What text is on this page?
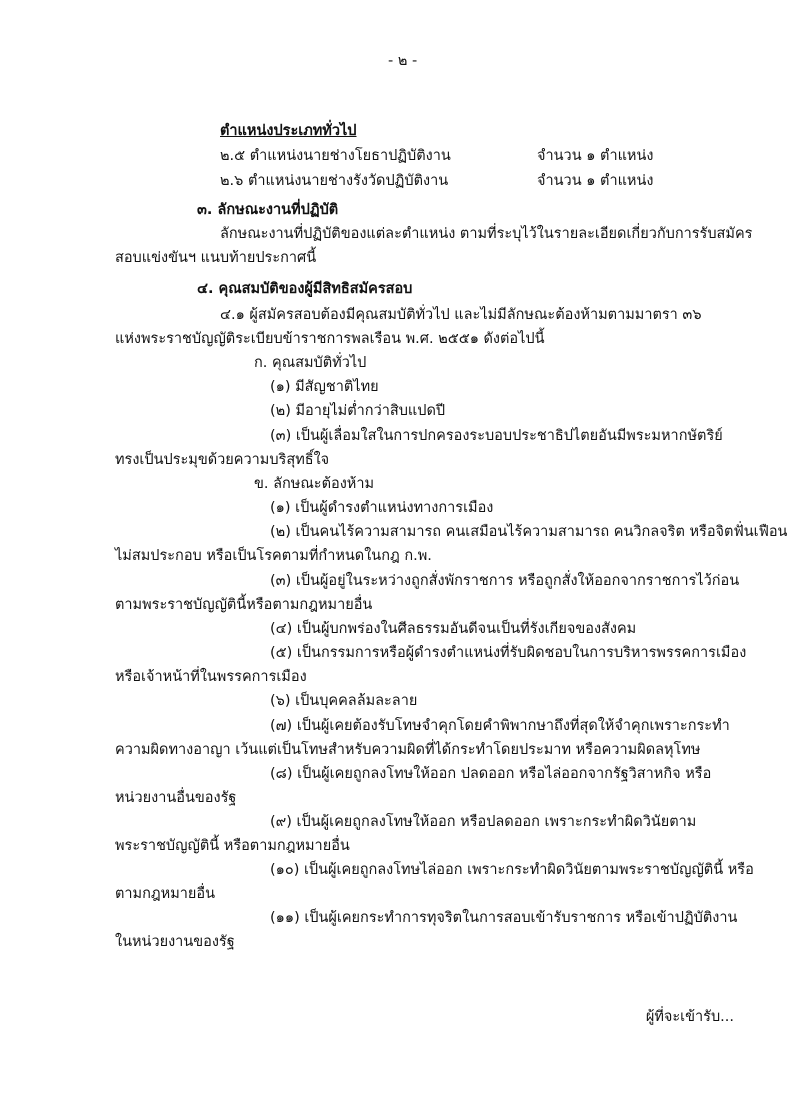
- ๒ -
ตำแหน่งประเภททั่วไป
๒.๕ ตำแหน่งนายช่างโยธาปฏิบัติงาน	จำนวน ๑ ตำแหน่ง
๒.๖ ตำแหน่งนายช่างรังวัดปฏิบัติงาน	จำนวน ๑ ตำแหน่ง
๓. ลักษณะงานที่ปฏิบัติ
ลักษณะงานที่ปฏิบัติของแต่ละตำแหน่ง ตามที่ระบุไว้ในรายละเอียดเกี่ยวกับการรับสมัคร
สอบแข่งขันฯ แนบท้ายประกาศนี้
๔. คุณสมบัติของผู้มีสิทธิสมัครสอบ
๔.๑ ผู้สมัครสอบต้องมีคุณสมบัติทั่วไป และไม่มีลักษณะต้องห้ามตามมาตรา ๓๖
แห่งพระราชบัญญัติระเบียบข้าราชการพลเรือน พ.ศ. ๒๕๕๑ ดังต่อไปนี้
ก. คุณสมบัติทั่วไป
(๑) มีสัญชาติไทย
(๒) มีอายุไม่ต่ำกว่าสิบแปดปี
(๓) เป็นผู้เลื่อมใสในการปกครองระบอบประชาธิปไตยอันมีพระมหากษัตริย์
ทรงเป็นประมุขด้วยความบริสุทธิ์ใจ
ข. ลักษณะต้องห้าม
(๑) เป็นผู้ดำรงตำแหน่งทางการเมือง
(๒) เป็นคนไร้ความสามารถ คนเสมือนไร้ความสามารถ คนวิกลจริต หรือจิตฟั่นเฟือน
ไม่สมประกอบ หรือเป็นโรคตามที่กำหนดในกฎ ก.พ.
(๓) เป็นผู้อยู่ในระหว่างถูกสั่งพักราชการ หรือถูกสั่งให้ออกจากราชการไว้ก่อน
ตามพระราชบัญญัตินี้หรือตามกฎหมายอื่น
(๔) เป็นผู้บกพร่องในศีลธรรมอันดีจนเป็นที่รังเกียจของสังคม
(๕) เป็นกรรมการหรือผู้ดำรงตำแหน่งที่รับผิดชอบในการบริหารพรรคการเมือง
หรือเจ้าหน้าที่ในพรรคการเมือง
(๖) เป็นบุคคลล้มละลาย
(๗) เป็นผู้เคยต้องรับโทษจำคุกโดยคำพิพากษาถึงที่สุดให้จำคุกเพราะกระทำ
ความผิดทางอาญา เว้นแต่เป็นโทษสำหรับความผิดที่ได้กระทำโดยประมาท หรือความผิดลหุโทษ
(๘) เป็นผู้เคยถูกลงโทษให้ออก ปลดออก หรือไล่ออกจากรัฐวิสาหกิจ หรือ
หน่วยงานอื่นของรัฐ
(๙) เป็นผู้เคยถูกลงโทษให้ออก หรือปลดออก เพราะกระทำผิดวินัยตาม
พระราชบัญญัตินี้ หรือตามกฎหมายอื่น
(๑๐) เป็นผู้เคยถูกลงโทษไล่ออก เพราะกระทำผิดวินัยตามพระราชบัญญัตินี้ หรือ
ตามกฎหมายอื่น
(๑๑) เป็นผู้เคยกระทำการทุจริตในการสอบเข้ารับราชการ หรือเข้าปฏิบัติงาน
ในหน่วยงานของรัฐ
ผู้ที่จะเข้ารับ...
